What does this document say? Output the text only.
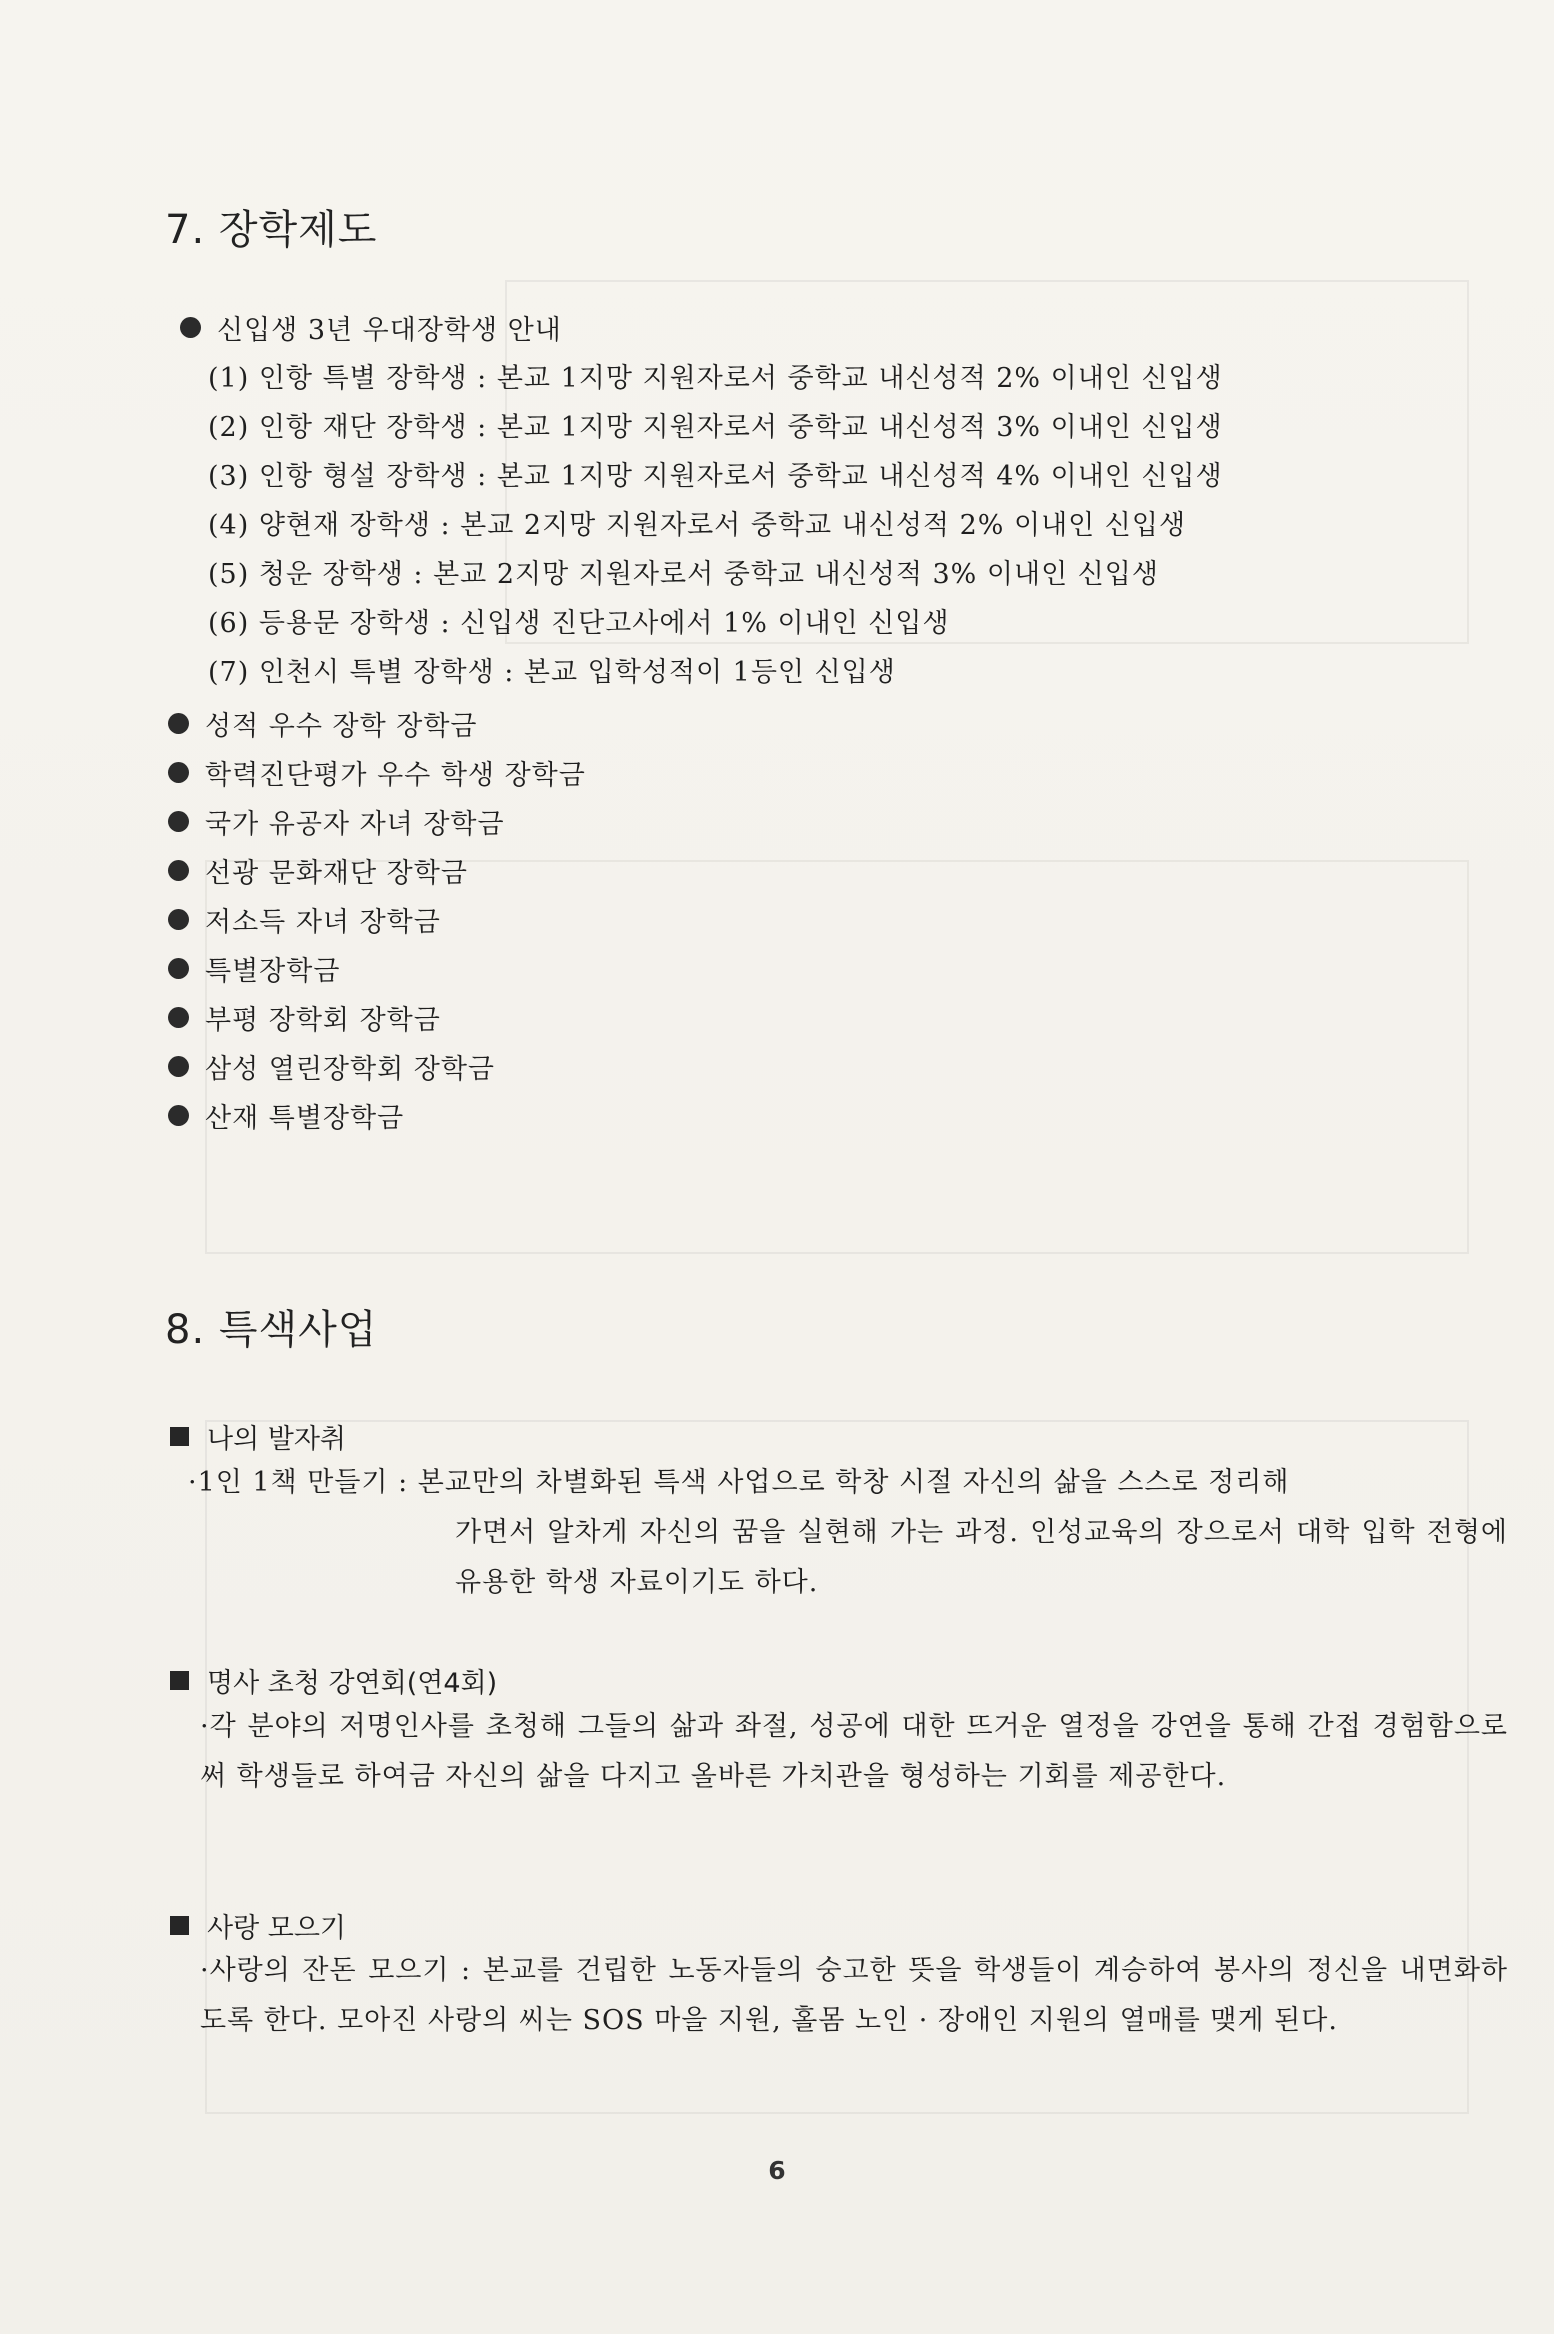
7. 장학제도
신입생 3년 우대장학생 안내
(1) 인항 특별 장학생 : 본교 1지망 지원자로서 중학교 내신성적 2% 이내인 신입생
(2) 인항 재단 장학생 : 본교 1지망 지원자로서 중학교 내신성적 3% 이내인 신입생
(3) 인항 형설 장학생 : 본교 1지망 지원자로서 중학교 내신성적 4% 이내인 신입생
(4) 양현재 장학생 : 본교 2지망 지원자로서 중학교 내신성적 2% 이내인 신입생
(5) 청운 장학생 : 본교 2지망 지원자로서 중학교 내신성적 3% 이내인 신입생
(6) 등용문 장학생 : 신입생 진단고사에서 1% 이내인 신입생
(7) 인천시 특별 장학생 : 본교 입학성적이 1등인 신입생
성적 우수 장학 장학금
학력진단평가 우수 학생 장학금
국가 유공자 자녀 장학금
선광 문화재단 장학금
저소득 자녀 장학금
특별장학금
부평 장학회 장학금
삼성 열린장학회 장학금
산재 특별장학금
8. 특색사업
나의 발자취
·1인 1책 만들기 : 본교만의 차별화된 특색 사업으로 학창 시절 자신의 삶을 스스로 정리해
가면서 알차게 자신의 꿈을 실현해 가는 과정. 인성교육의 장으로서 대학 입학 전형에 유용한 학생 자료이기도 하다.
명사 초청 강연회(연4회)
·각 분야의 저명인사를 초청해 그들의 삶과 좌절, 성공에 대한 뜨거운 열정을 강연을 통해 간접 경험함으로써 학생들로 하여금 자신의 삶을 다지고 올바른 가치관을 형성하는 기회를 제공한다.
사랑 모으기
·사랑의 잔돈 모으기 : 본교를 건립한 노동자들의 숭고한 뜻을 학생들이 계승하여 봉사의 정신을 내면화하도록 한다. 모아진 사랑의 씨는 SOS 마을 지원, 홀몸 노인 · 장애인 지원의 열매를 맺게 된다.
6
